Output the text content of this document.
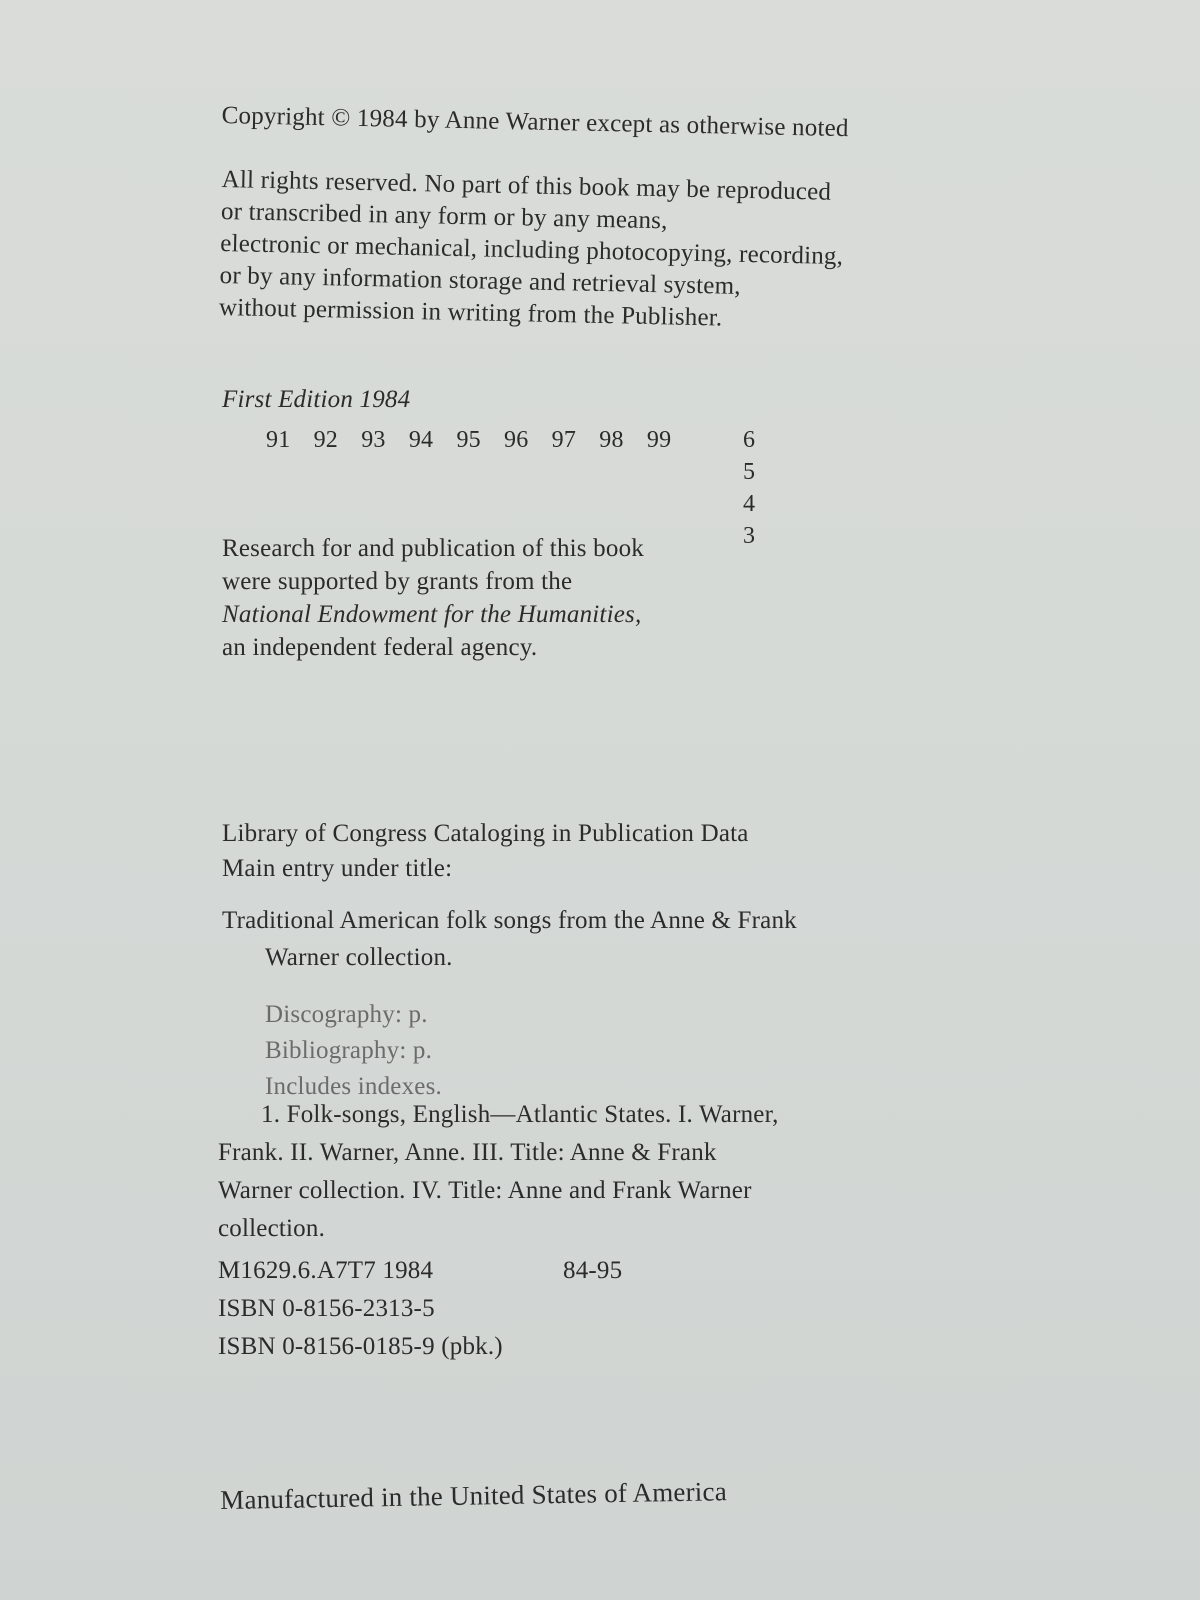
Copyright © 1984 by Anne Warner except as otherwise noted
All rights reserved. No part of this book may be reproduced
or transcribed in any form or by any means,
electronic or mechanical, including photocopying, recording,
or by any information storage and retrieval system,
without permission in writing from the Publisher.
First Edition 1984
91 92 93 94 95 96 97 98 99	6 5 4 3
Research for and publication of this book
were supported by grants from the
National Endowment for the Humanities,
an independent federal agency.
Library of Congress Cataloging in Publication Data
Main entry under title:
Traditional American folk songs from the Anne & Frank
Warner collection.
Discography: p.
Bibliography: p.
Includes indexes.
1. Folk-songs, English—Atlantic States. I. Warner,
Frank. II. Warner, Anne. III. Title: Anne & Frank
Warner collection. IV. Title: Anne and Frank Warner
collection.
M1629.6.A7T7 1984	84-95
ISBN 0-8156-2313-5
ISBN 0-8156-0185-9 (pbk.)
Manufactured in the United States of America
